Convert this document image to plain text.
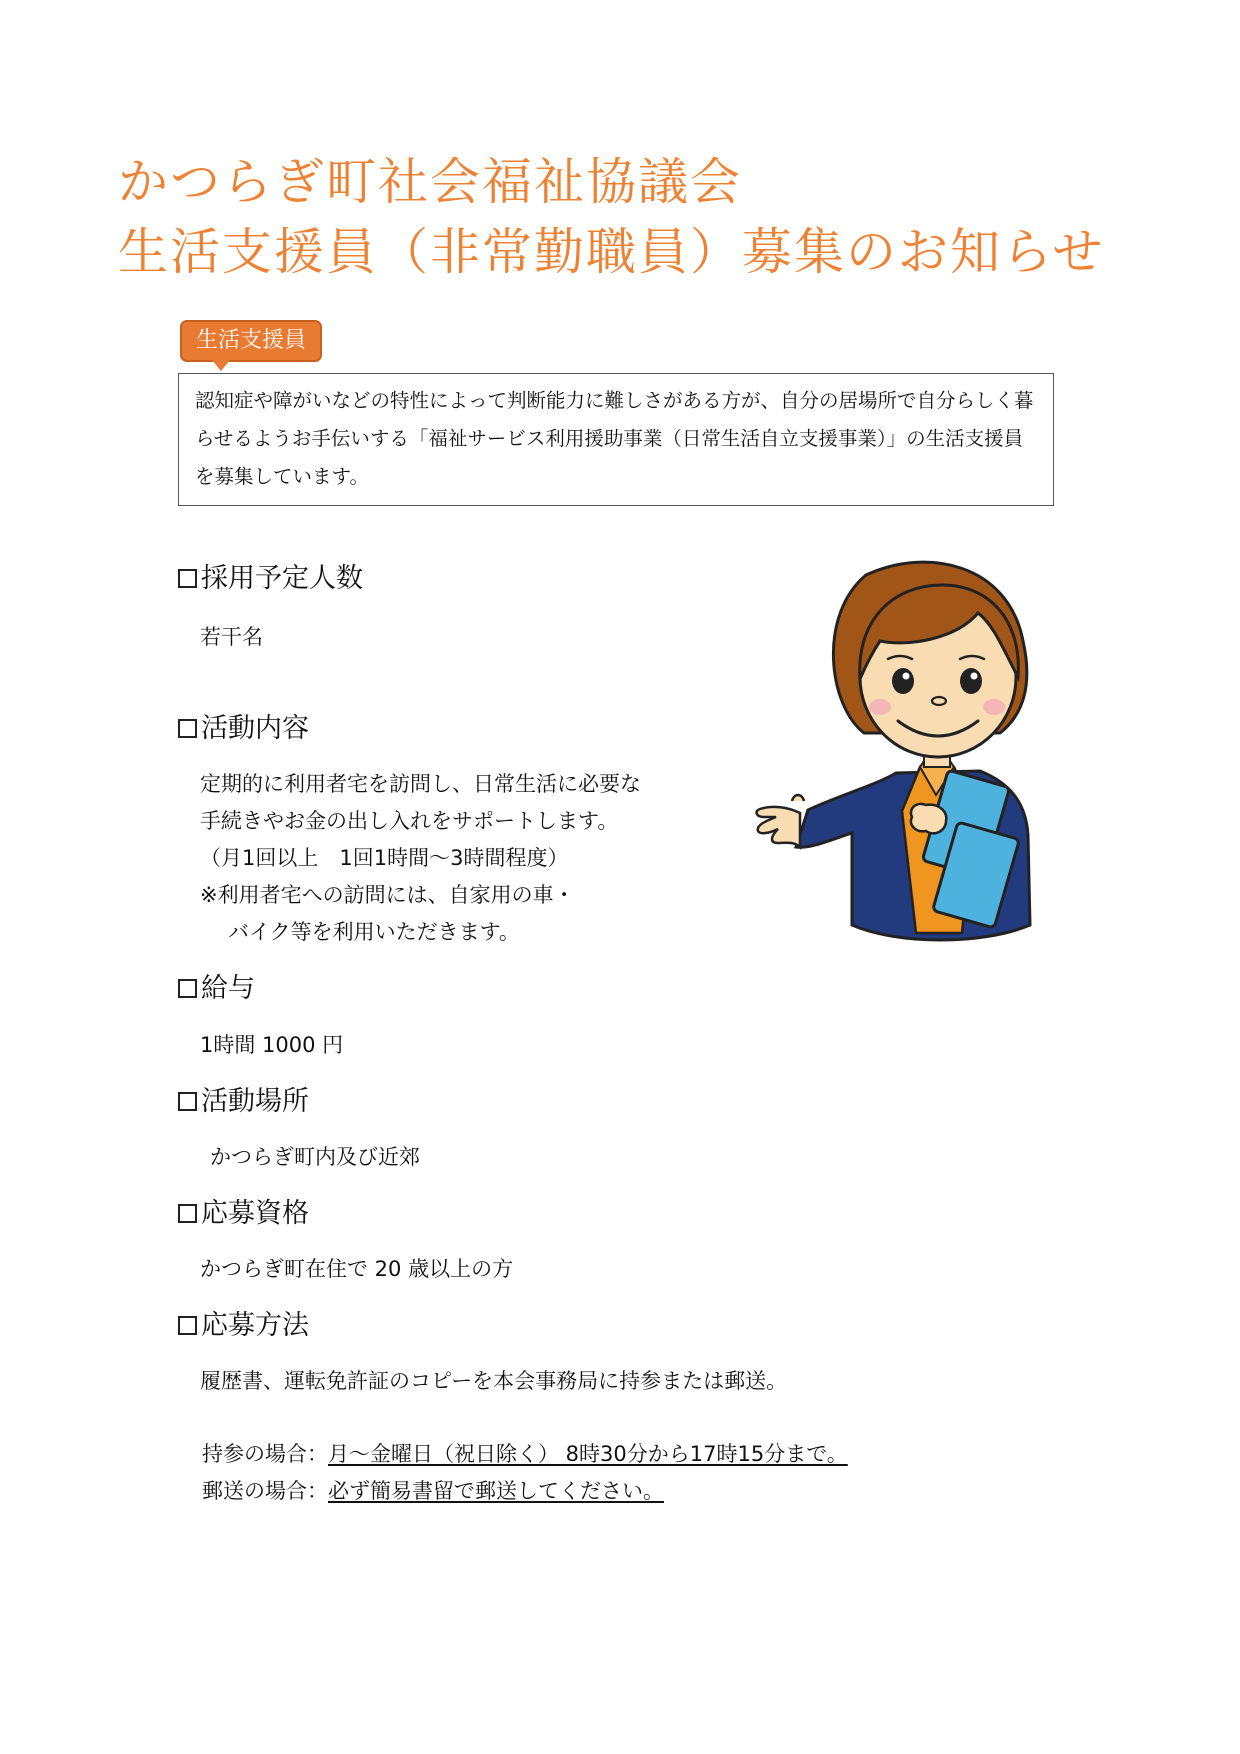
かつらぎ町社会福祉協議会
生活支援員（非常勤職員）募集のお知らせ
生活支援員
認知症や障がいなどの特性によって判断能力に難しさがある方が、自分の居場所で自分らしく暮らせるようお手伝いする「福祉サービス利用援助事業（日常生活自立支援事業）」の生活支援員を募集しています。
採用予定人数
若干名
活動内容
定期的に利用者宅を訪問し、日常生活に必要な
手続きやお金の出し入れをサポートします。
（月1回以上　1回1時間～3時間程度）
※利用者宅への訪問には、自家用の車・
バイク等を利用いただきます。
給与
1時間 1000 円
活動場所
かつらぎ町内及び近郊
応募資格
かつらぎ町在住で 20 歳以上の方
応募方法
履歴書、運転免許証のコピーを本会事務局に持参または郵送。
持参の場合：月～金曜日（祝日除く） 8時30分から17時15分まで。
郵送の場合：必ず簡易書留で郵送してください。
